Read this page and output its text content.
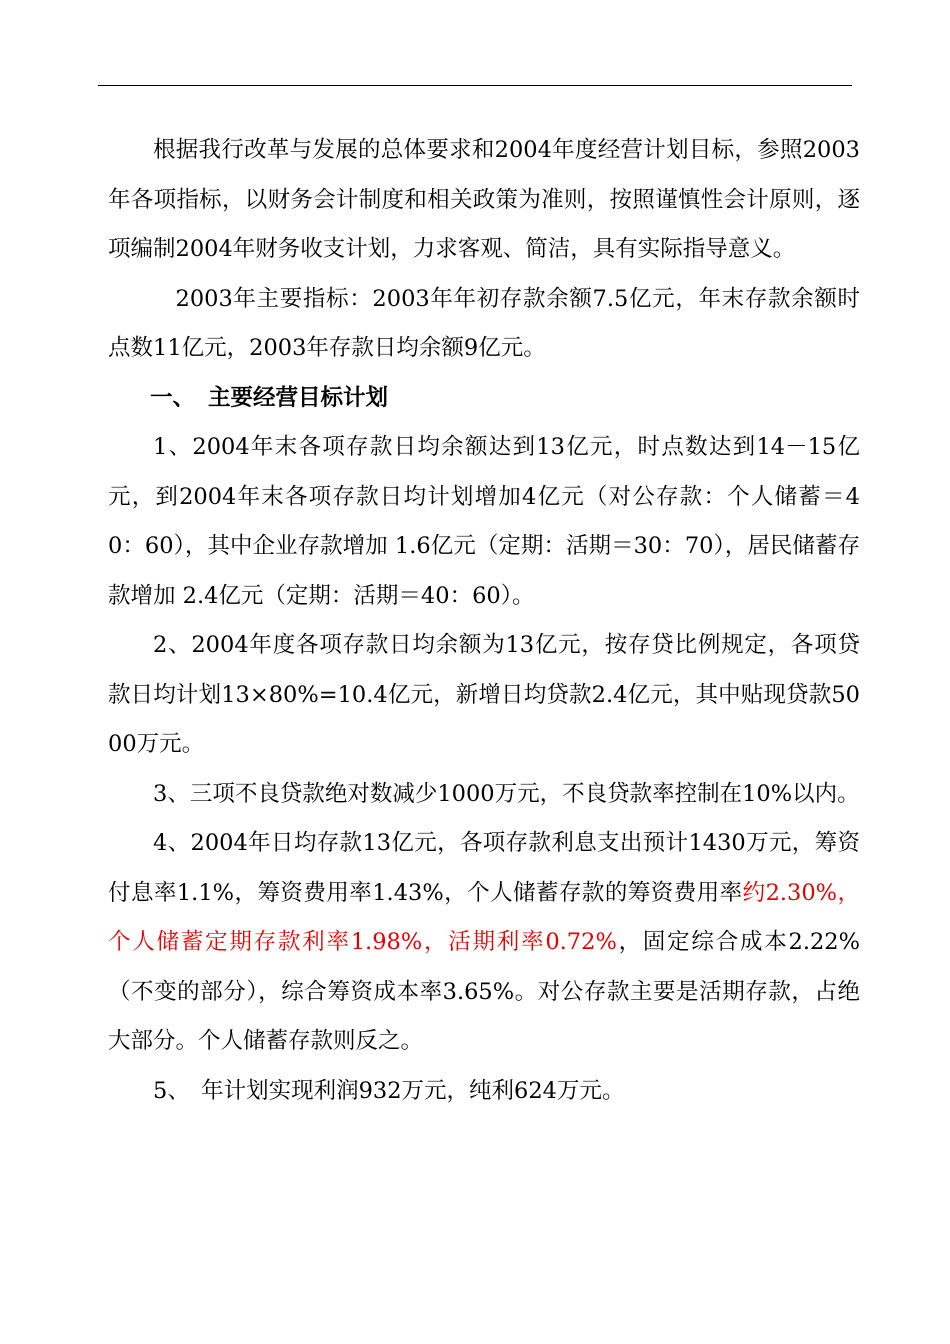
根据我行改革与发展的总体要求和2004年度经营计划目标，参照2003年各项指标，以财务会计制度和相关政策为准则，按照谨慎性会计原则，逐项编制2004年财务收支计划，力求客观、简洁，具有实际指导意义。

2003年主要指标：2003年年初存款余额7.5亿元，年末存款余额时点数11亿元，2003年存款日均余额9亿元。

一、 主要经营目标计划

1、2004年末各项存款日均余额达到13亿元，时点数达到14－15亿元，到2004年末各项存款日均计划增加4亿元（对公存款：个人储蓄＝40：60），其中企业存款增加 1.6亿元（定期：活期＝30：70），居民储蓄存款增加 2.4亿元（定期：活期＝40：60）。

2、2004年度各项存款日均余额为13亿元，按存贷比例规定，各项贷款日均计划13×80%=10.4亿元，新增日均贷款2.4亿元，其中贴现贷款5000万元。

3、三项不良贷款绝对数减少1000万元，不良贷款率控制在10%以内。

4、2004年日均存款13亿元，各项存款利息支出预计1430万元，筹资付息率1.1%，筹资费用率1.43%，个人储蓄存款的筹资费用率约2.30%，个人储蓄定期存款利率1.98%，活期利率0.72%，固定综合成本2.22%（不变的部分），综合筹资成本率3.65%。对公存款主要是活期存款，占绝大部分。个人储蓄存款则反之。

5、　年计划实现利润932万元，纯利624万元。
